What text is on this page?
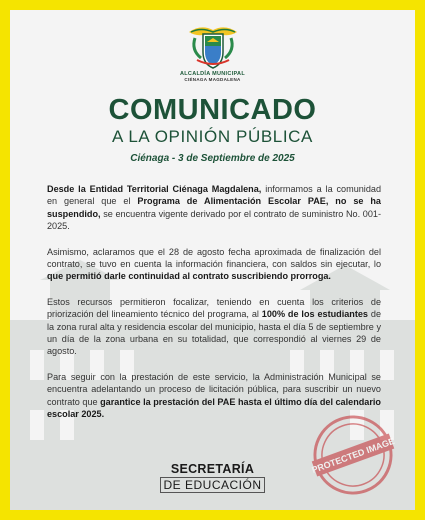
ALCALDÍA MUNICIPAL
CIÉNAGA MAGDALENA
COMUNICADO
A LA OPINIÓN PÚBLICA
Ciénaga - 3 de Septiembre de 2025

Desde la Entidad Territorial Ciénaga Magdalena, informamos a la comunidad en general que el Programa de Alimentación Escolar PAE, no se ha suspendido, se encuentra vigente derivado por el contrato de suministro No. 001-2025.

Asimismo, aclaramos que el 28 de agosto fecha aproximada de finalización del contrato, se tuvo en cuenta la información financiera, con saldos sin ejecutar, lo que permitió darle continuidad al contrato suscribiendo prorroga.

Estos recursos permitieron focalizar, teniendo en cuenta los criterios de priorización del lineamiento técnico del programa, al 100% de los estudiantes de la zona rural alta y residencia escolar del municipio, hasta el día 5 de septiembre y un día de la zona urbana en su totalidad, que correspondió al viernes 29 de agosto.

Para seguir con la prestación de este servicio, la Administración Municipal se encuentra adelantando un proceso de licitación pública, para suscribir un nuevo contrato que garantice la prestación del PAE hasta el último día del calendario escolar 2025.

SECRETARÍA
DE EDUCACIÓN
PROTECTED IMAGE
